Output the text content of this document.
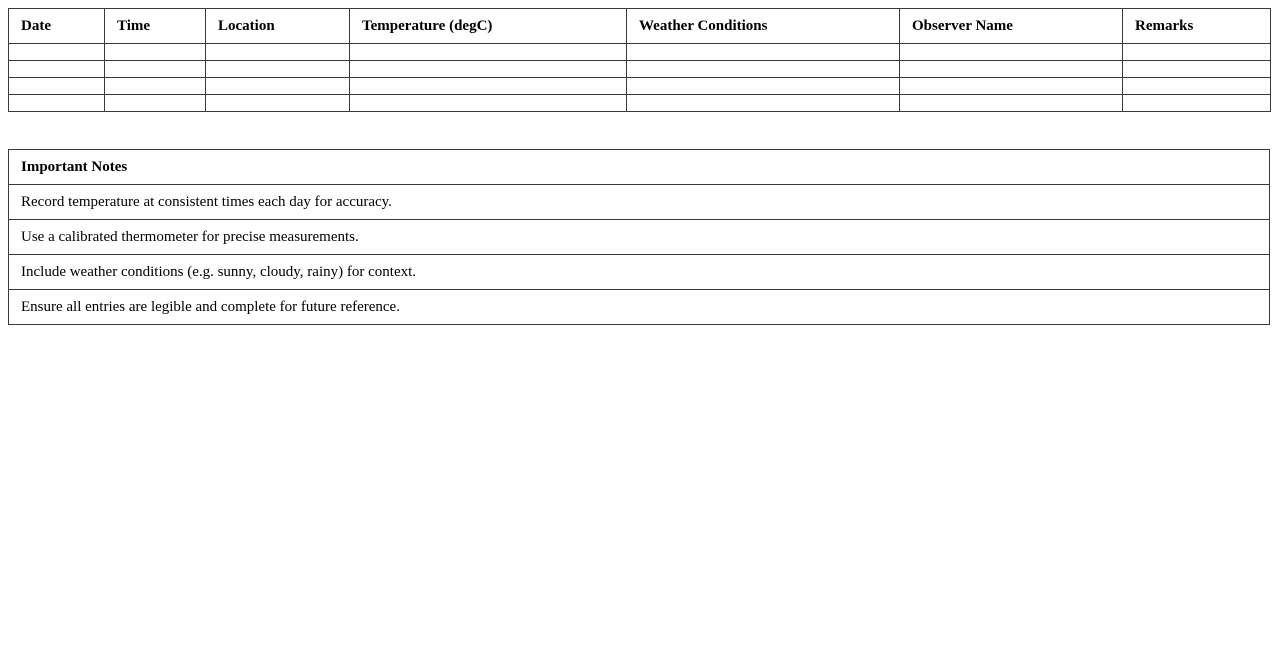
Date	Time	Location	Temperature (degC)	Weather Conditions	Observer Name	Remarks

Important Notes
Record temperature at consistent times each day for accuracy.
Use a calibrated thermometer for precise measurements.
Include weather conditions (e.g. sunny, cloudy, rainy) for context.
Ensure all entries are legible and complete for future reference.
